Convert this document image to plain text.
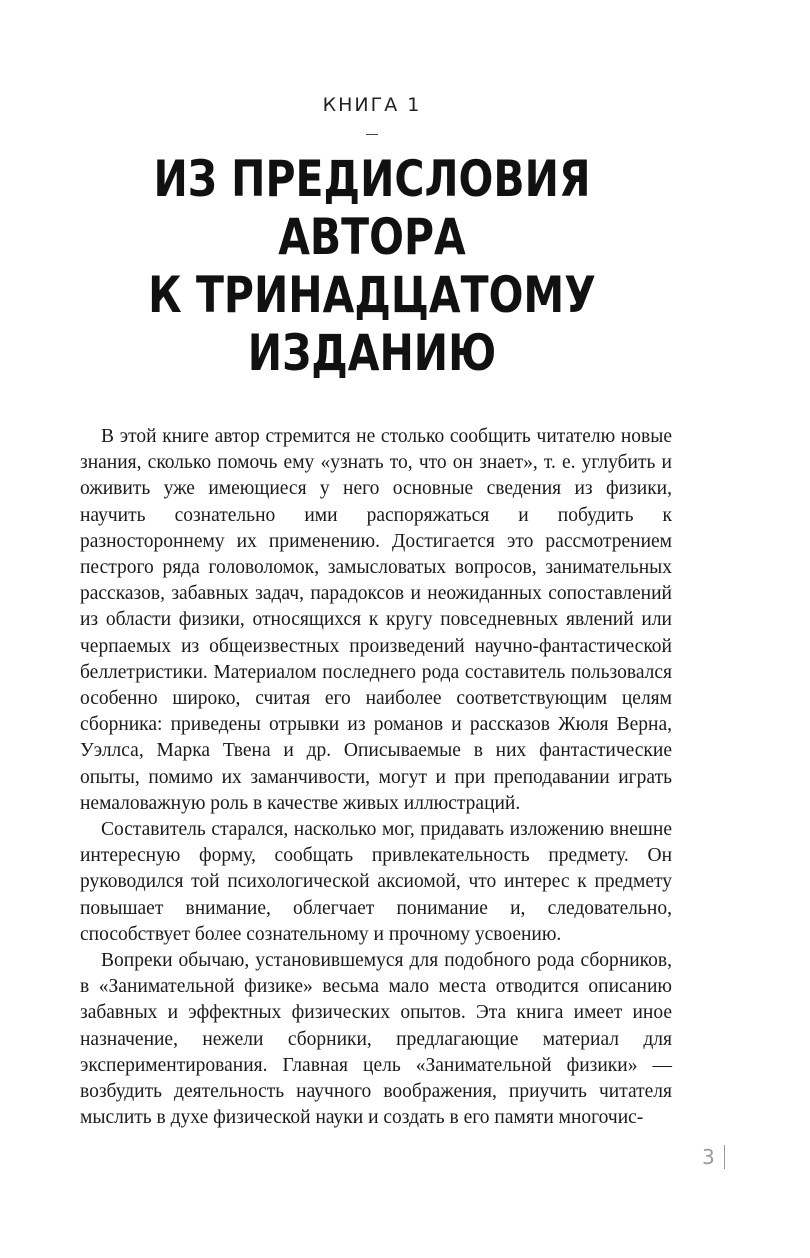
КНИГА 1
ИЗ ПРЕДИСЛОВИЯ
АВТОРА
К ТРИНАДЦАТОМУ
ИЗДАНИЮ

В этой книге автор стремится не столько сообщить читателю новые знания, сколько помочь ему «узнать то, что он знает», т. е. углубить и оживить уже имеющиеся у него основные сведения из физики, научить сознательно ими распоряжаться и побудить к разностороннему их применению. Достигается это рассмотрением пестрого ряда головоломок, замысловатых вопросов, занимательных рассказов, забавных задач, парадоксов и неожиданных сопоставлений из области физики, относящихся к кругу повседневных явлений или черпаемых из общеизвестных произведений научно-фантастической беллетристики. Материалом последнего рода составитель пользовался особенно широко, считая его наиболее соответствующим целям сборника: приведены отрывки из романов и рассказов Жюля Верна, Уэллса, Марка Твена и др. Описываемые в них фантастические опыты, помимо их заманчивости, могут и при преподавании играть немаловажную роль в качестве живых иллюстраций.

Составитель старался, насколько мог, придавать изложению внешне интересную форму, сообщать привлекательность предмету. Он руководился той психологической аксиомой, что интерес к предмету повышает внимание, облегчает понимание и, следовательно, способствует более сознательному и прочному усвоению.

Вопреки обычаю, установившемуся для подобного рода сборников, в «Занимательной физике» весьма мало места отводится описанию забавных и эффектных физических опытов. Эта книга имеет иное назначение, нежели сборники, предлагающие материал для экспериментирования. Главная цель «Занимательной физики» — возбудить деятельность научного воображения, приучить читателя мыслить в духе физической науки и создать в его памяти многочис-

3
